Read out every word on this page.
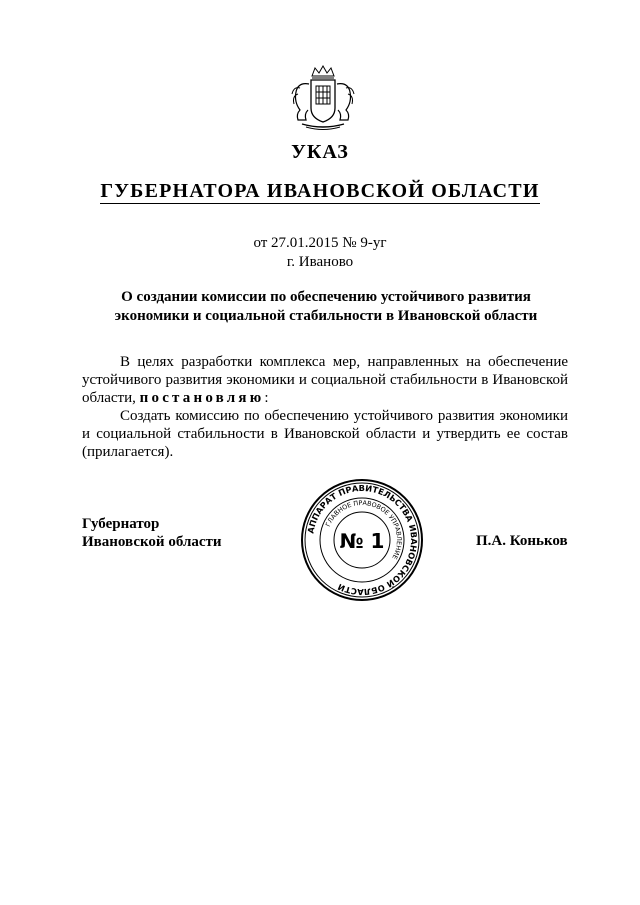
УКАЗ
ГУБЕРНАТОРА ИВАНОВСКОЙ ОБЛАСТИ
от 27.01.2015 № 9-уг
г. Иваново
О создании комиссии по обеспечению устойчивого развития
экономики и социальной стабильности в Ивановской области

В целях разработки комплекса мер, направленных на обеспечение устойчивого развития экономики и социальной стабильности в Ивановской области, постановляю:

Создать комиссию по обеспечению устойчивого развития экономики и социальной стабильности в Ивановской области и утвердить ее состав (прилагается).

Губернатор
Ивановской области
АППАРАТ ПРАВИТЕЛЬСТВА ИВАНОВСКОЙ ОБЛАСТИ
ГЛАВНОЕ ПРАВОВОЕ УПРАВЛЕНИЕ
№ 1	П.А. Коньков
